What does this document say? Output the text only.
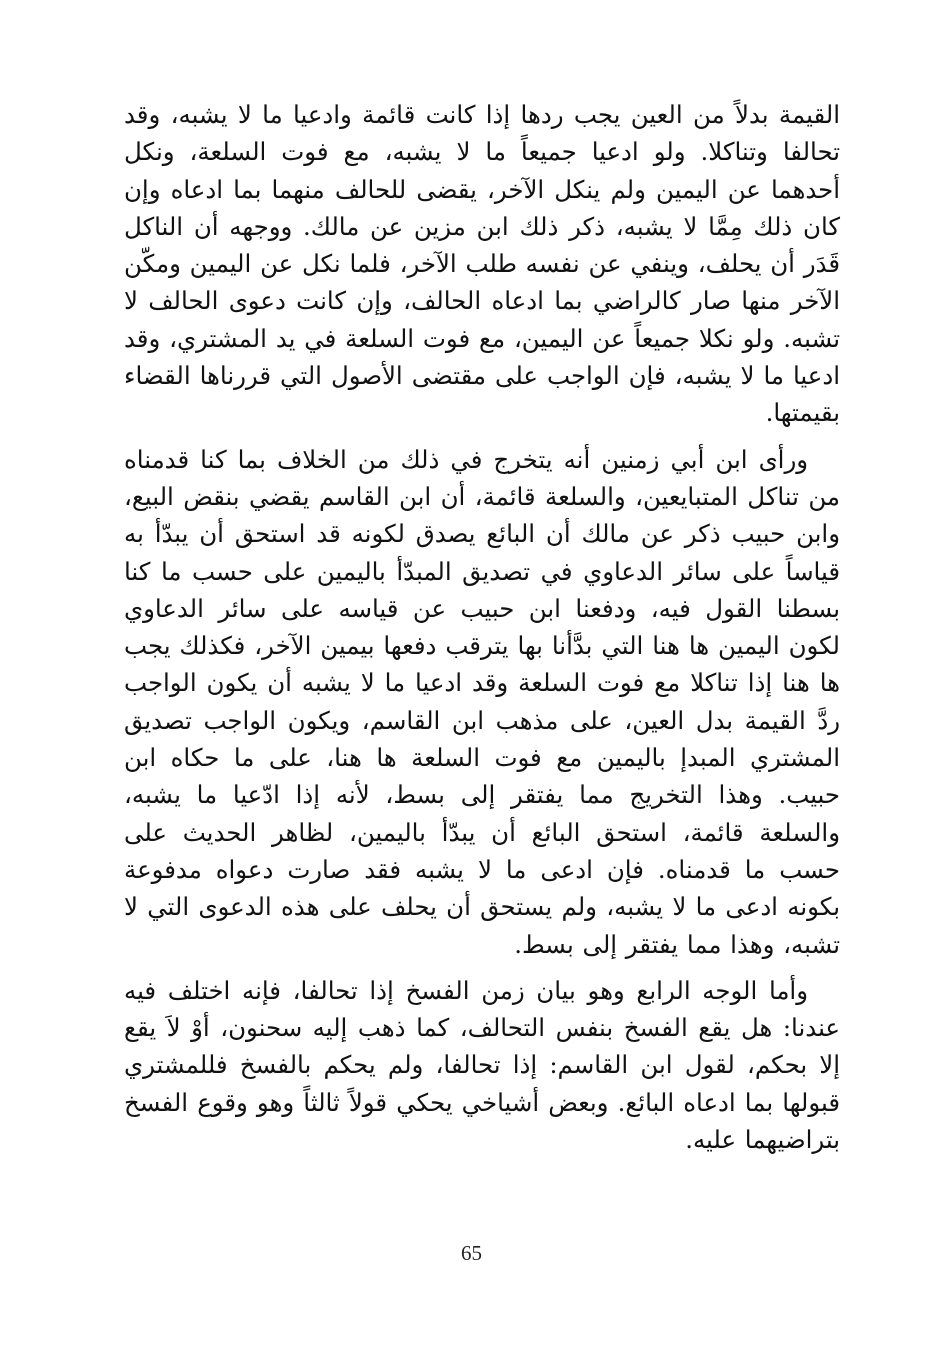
القيمة بدلاً من العين يجب ردها إذا كانت قائمة وادعيا ما لا يشبه، وقد تحالفا وتناكلا. ولو ادعيا جميعاً ما لا يشبه، مع فوت السلعة، ونكل أحدهما عن اليمين ولم ينكل الآخر، يقضى للحالف منهما بما ادعاه وإن كان ذلك مِمَّا لا يشبه، ذكر ذلك ابن مزين عن مالك. ووجهه أن الناكل قَدَر أن يحلف، وينفي عن نفسه طلب الآخر، فلما نكل عن اليمين ومكّن الآخر منها صار كالراضي بما ادعاه الحالف، وإن كانت دعوى الحالف لا تشبه. ولو نكلا جميعاً عن اليمين، مع فوت السلعة في يد المشتري، وقد ادعيا ما لا يشبه، فإن الواجب على مقتضى الأصول التي قررناها القضاء بقيمتها.

ورأى ابن أبي زمنين أنه يتخرج في ذلك من الخلاف بما كنا قدمناه من تناكل المتبايعين، والسلعة قائمة، أن ابن القاسم يقضي بنقض البيع، وابن حبيب ذكر عن مالك أن البائع يصدق لكونه قد استحق أن يبدّأ به قياساً على سائر الدعاوي في تصديق المبدّأ باليمين على حسب ما كنا بسطنا القول فيه، ودفعنا ابن حبيب عن قياسه على سائر الدعاوي لكون اليمين ها هنا التي بدَّأنا بها يترقب دفعها بيمين الآخر، فكذلك يجب ها هنا إذا تناكلا مع فوت السلعة وقد ادعيا ما لا يشبه أن يكون الواجب ردَّ القيمة بدل العين، على مذهب ابن القاسم، ويكون الواجب تصديق المشتري المبدإ باليمين مع فوت السلعة ها هنا، على ما حكاه ابن حبيب. وهذا التخريج مما يفتقر إلى بسط، لأنه إذا ادّعيا ما يشبه، والسلعة قائمة، استحق البائع أن يبدّأ باليمين، لظاهر الحديث على حسب ما قدمناه. فإن ادعى ما لا يشبه فقد صارت دعواه مدفوعة بكونه ادعى ما لا يشبه، ولم يستحق أن يحلف على هذه الدعوى التي لا تشبه، وهذا مما يفتقر إلى بسط.

وأما الوجه الرابع وهو بيان زمن الفسخ إذا تحالفا، فإنه اختلف فيه عندنا: هل يقع الفسخ بنفس التحالف، كما ذهب إليه سحنون، أوْ لاَ يقع إلا بحكم، لقول ابن القاسم: إذا تحالفا، ولم يحكم بالفسخ فللمشتري قبولها بما ادعاه البائع. وبعض أشياخي يحكي قولاً ثالثاً وهو وقوع الفسخ بتراضيهما عليه.

65
